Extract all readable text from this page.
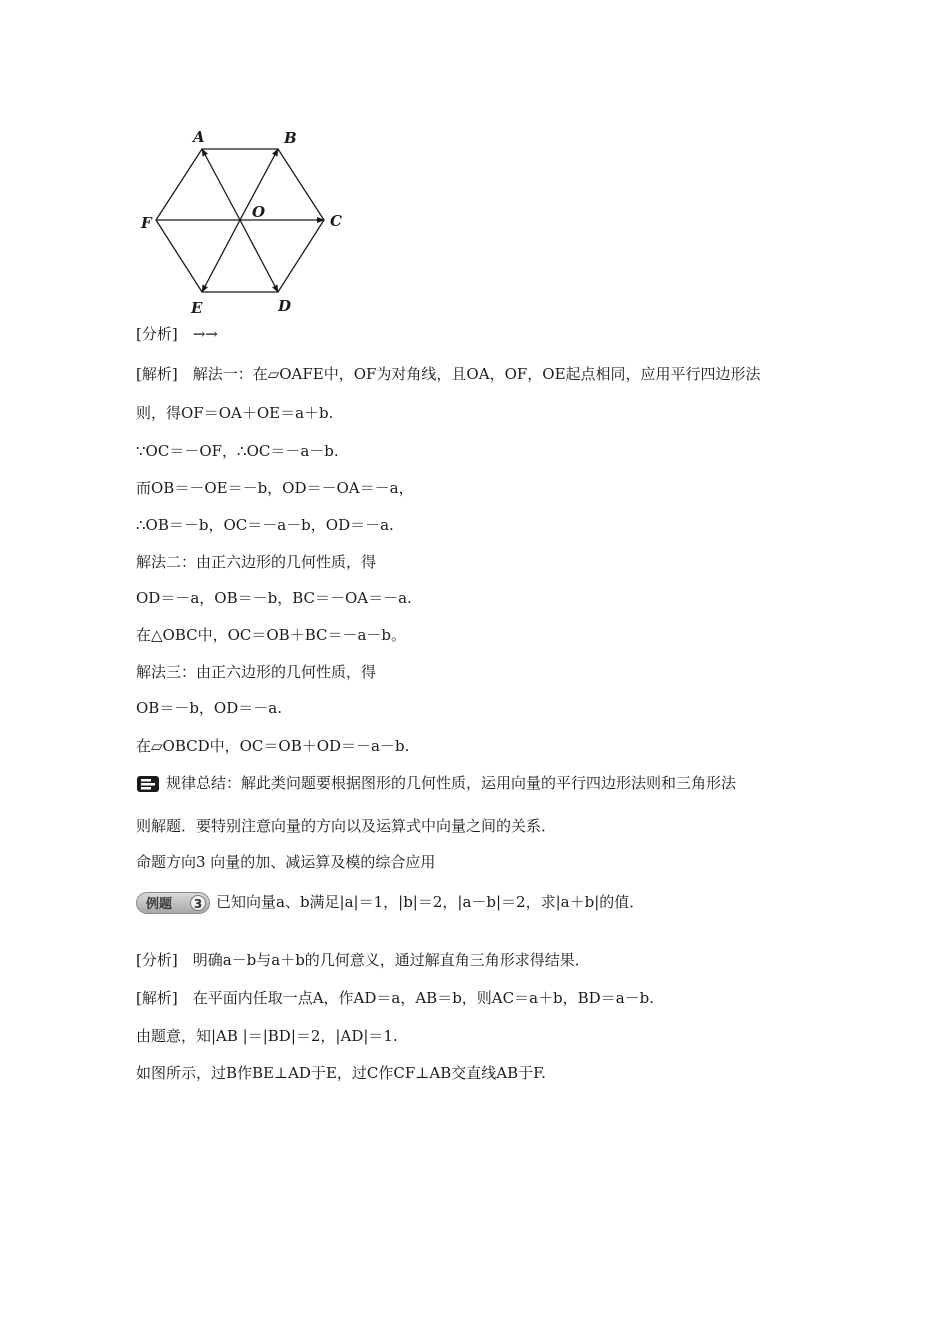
A	B
C
D
E
F
O
[分析]　→→
[解析]　解法一：在▱OAFE中，OF为对角线，且OA，OF，OE起点相同，应用平行四边形法
则，得OF＝OA＋OE＝a＋b.
∵OC＝－OF，∴OC＝－a－b.
而OB＝－OE＝－b，OD＝－OA＝－a，
∴OB＝－b，OC＝－a－b，OD＝－a.
解法二：由正六边形的几何性质，得
OD＝－a，OB＝－b，BC＝－OA＝－a.
在△OBC中，OC＝OB＋BC＝－a－b。
解法三：由正六边形的几何性质，得
OB＝－b，OD＝－a.
在▱OBCD中，OC＝OB＋OD＝－a－b.
规律总结：解此类问题要根据图形的几何性质，运用向量的平行四边形法则和三角形法
则解题．要特别注意向量的方向以及运算式中向量之间的关系．
命题方向3 向量的加、减运算及模的综合应用
例题	3 已知向量a、b满足|a|＝1，|b|＝2，|a－b|＝2，求|a＋b|的值．
[分析]　明确a－b与a＋b的几何意义，通过解直角三角形求得结果．
[解析]　在平面内任取一点A，作AD＝a，AB＝b，则AC＝a＋b，BD＝a－b.
由题意，知|AB |＝|BD|＝2，|AD|＝1.
如图所示，过B作BE⊥AD于E，过C作CF⊥AB交直线AB于F.
